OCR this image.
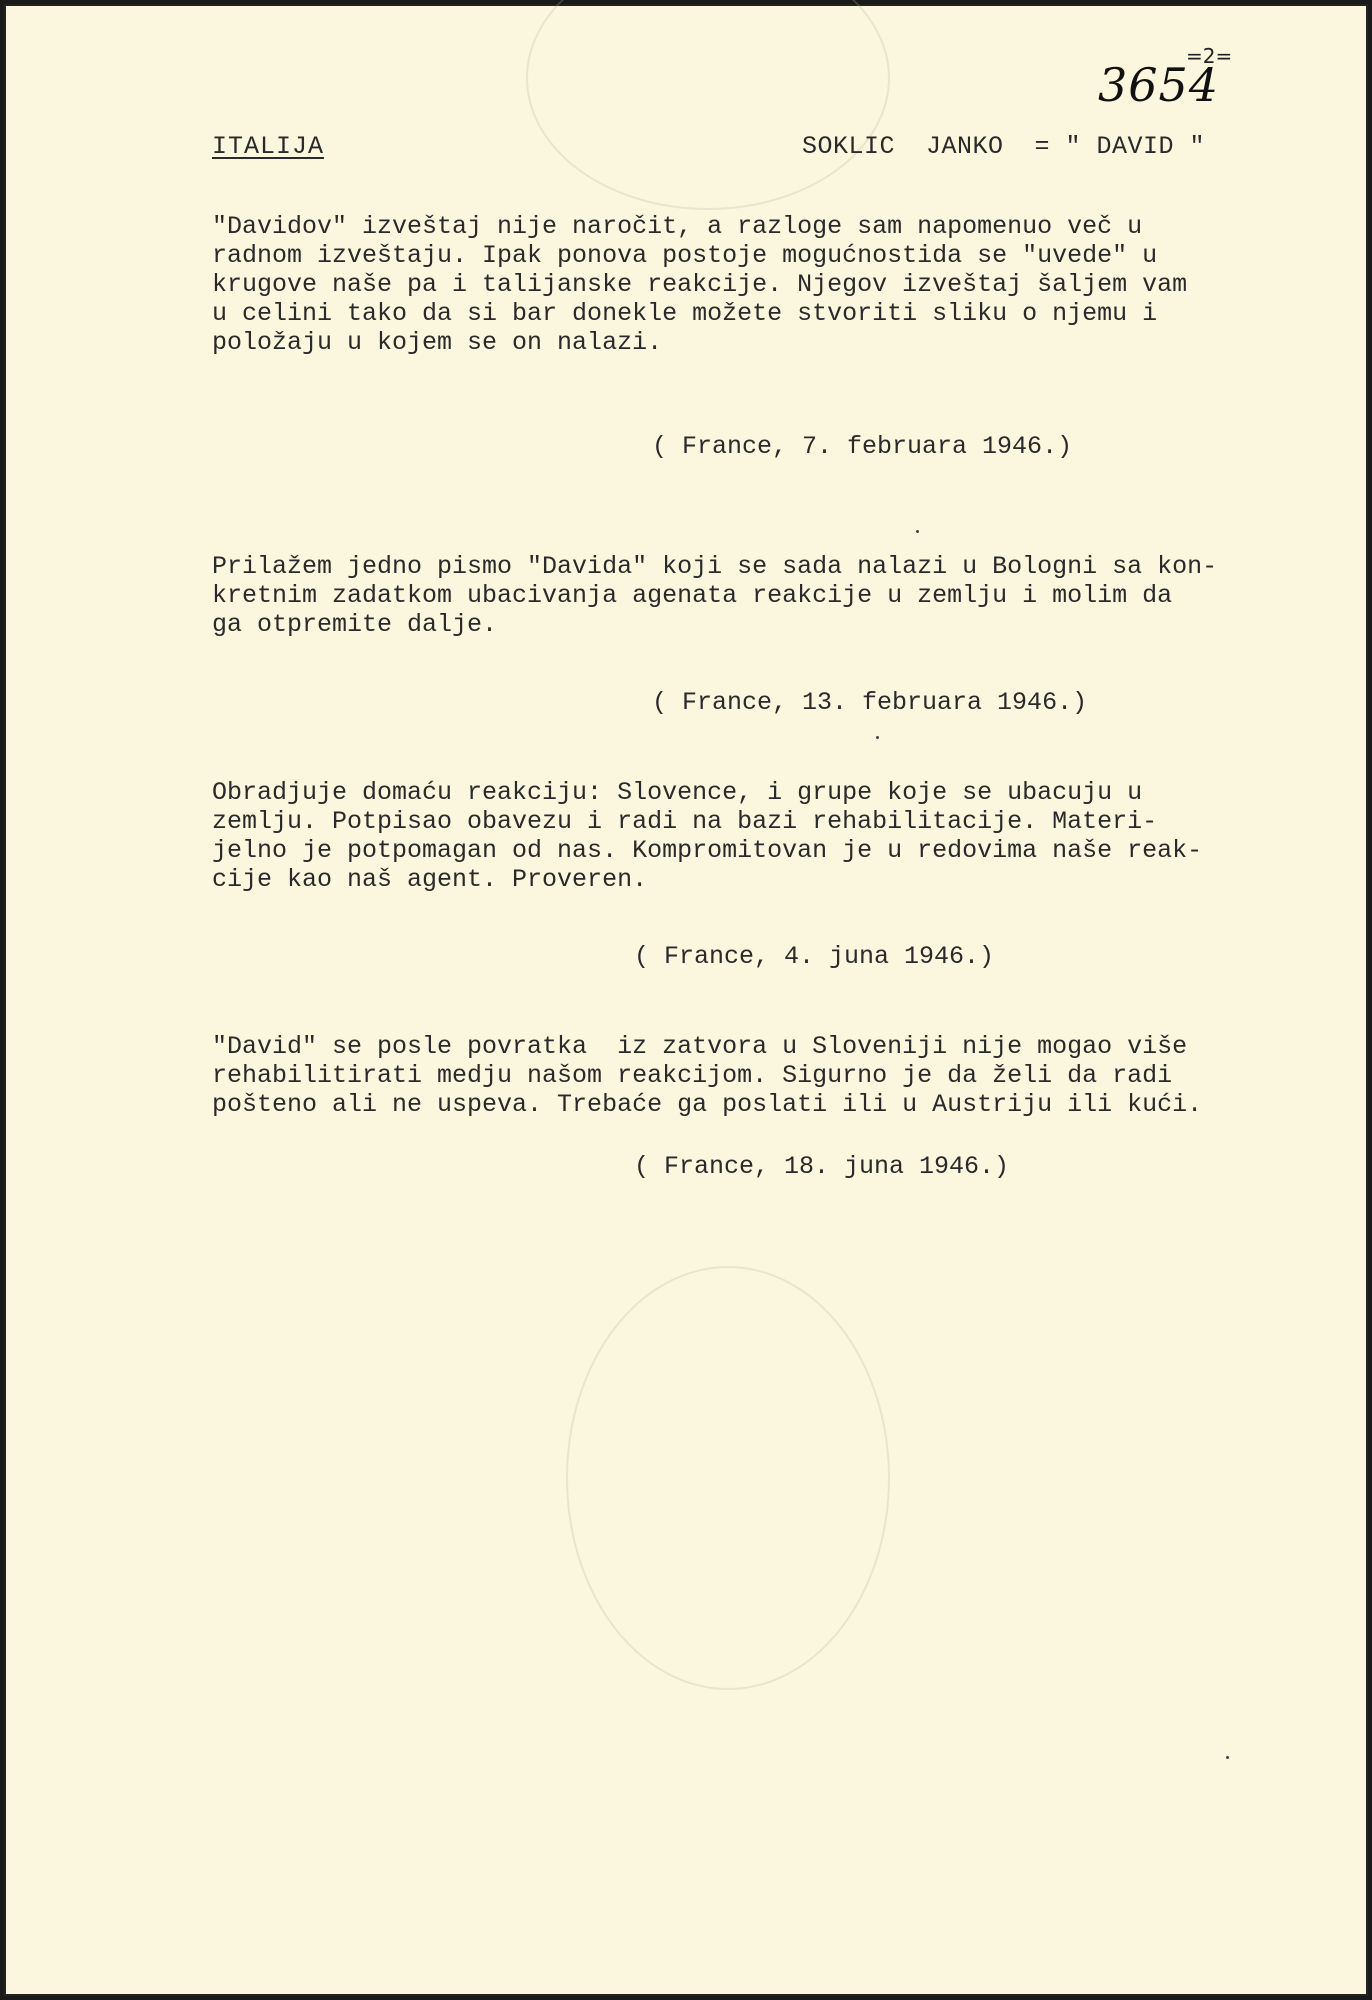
=2=
3654
ITALIJA	SOKLIC  JANKO  = " DAVID "
"Davidov" izveštaj nije naročit, a razloge sam napomenuo več u
radnom izveštaju. Ipak ponova postoje mogućnostida se "uvede" u
krugove naše pa i talijanske reakcije. Njegov izveštaj šaljem vam
u celini tako da si bar donekle možete stvoriti sliku o njemu i
položaju u kojem se on nalazi.
( France, 7. februara 1946.)
Prilažem jedno pismo "Davida" koji se sada nalazi u Bologni sa kon-
kretnim zadatkom ubacivanja agenata reakcije u zemlju i molim da
ga otpremite dalje.
( France, 13. februara 1946.)
Obradjuje domaću reakciju: Slovence, i grupe koje se ubacuju u
zemlju. Potpisao obavezu i radi na bazi rehabilitacije. Materi-
jelno je potpomagan od nas. Kompromitovan je u redovima naše reak-
cije kao naš agent. Proveren.
( France, 4. juna 1946.)
"David" se posle povratka  iz zatvora u Sloveniji nije mogao više
rehabilitirati medju našom reakcijom. Sigurno je da želi da radi
pošteno ali ne uspeva. Trebaće ga poslati ili u Austriju ili kući.
( France, 18. juna 1946.)
